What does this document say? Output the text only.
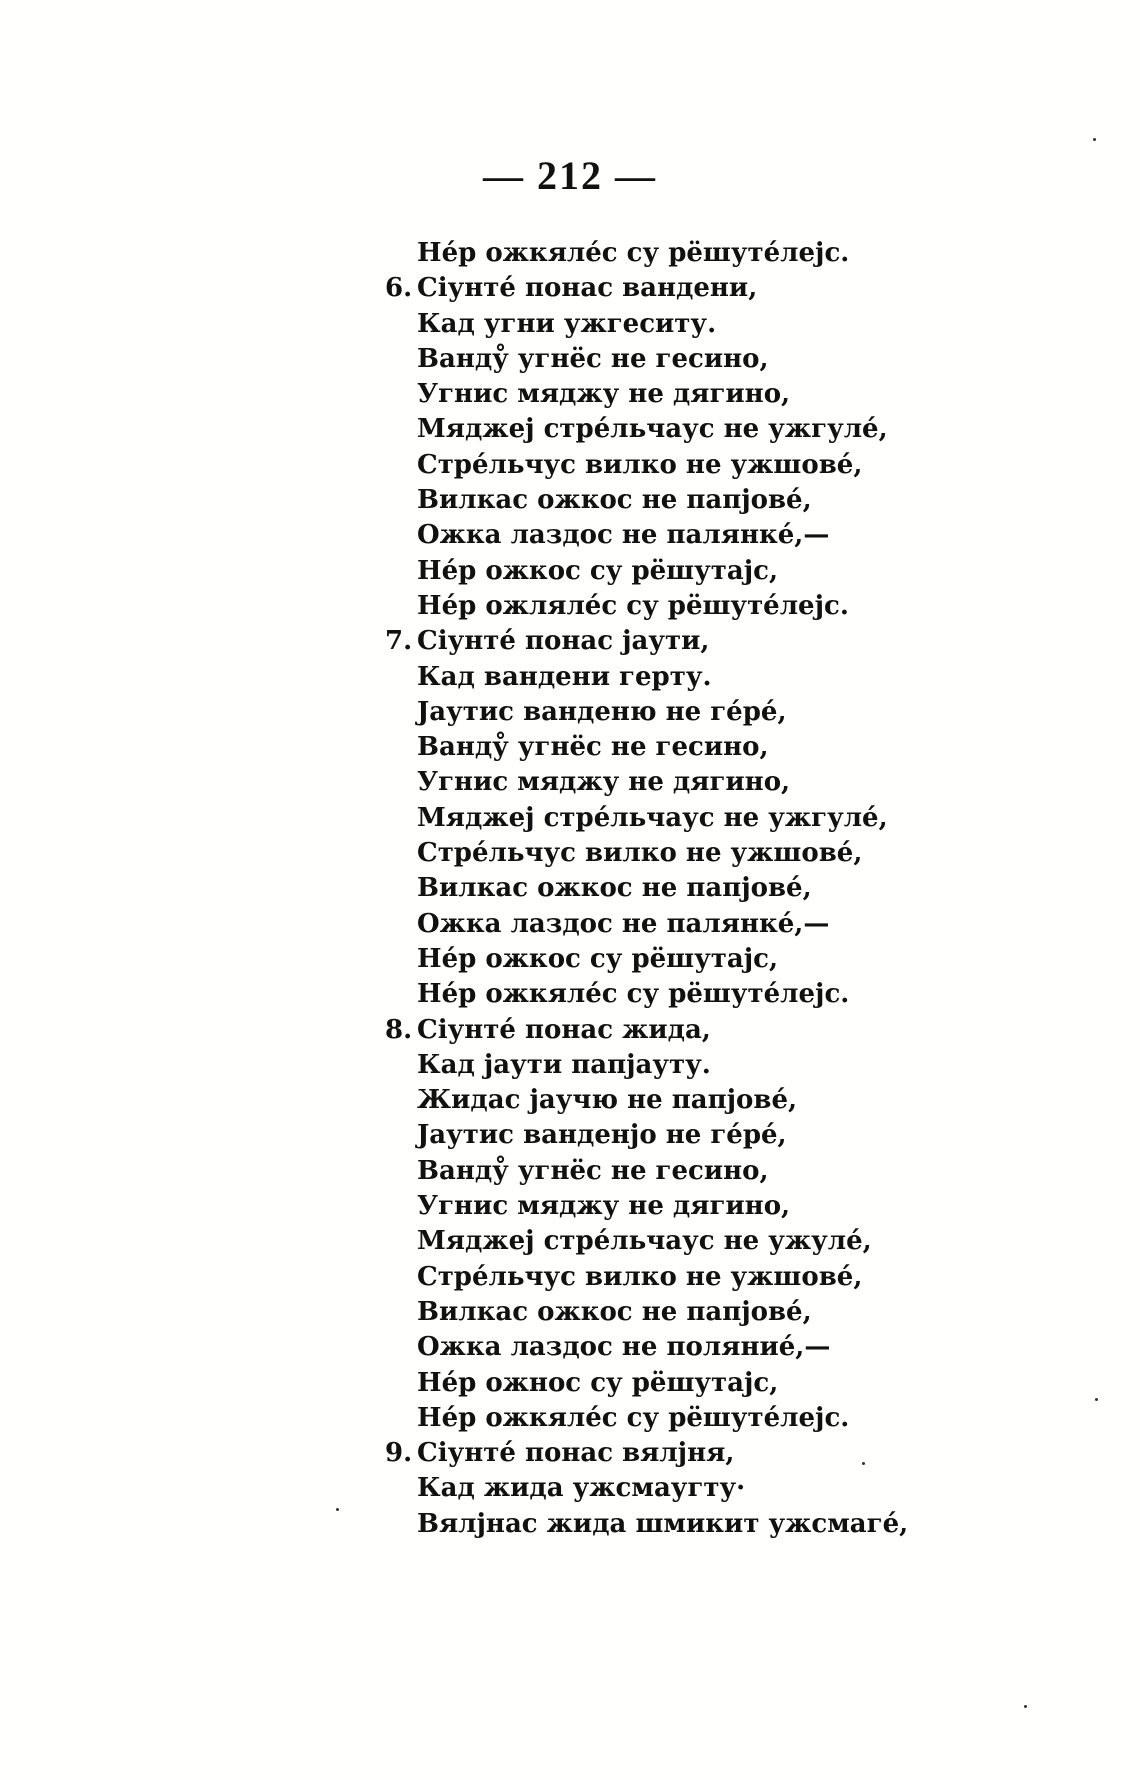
— 212 —
Не́р ожкяле́с су рёшуте́лејс.
6. Сіунте́ понас вандени,
Кад угни ужгеситу.
Ванду̊ угнёс не гесино,
Угнис мяджу не дягино,
Мяджеј стре́льчаус не ужгуле́,
Стре́льчус вилко не ужшове́,
Вилкас ожкос не папјове́,
Ожка лаздос не палянке́,—
Не́р ожкос су рёшутајс,
Не́р ожляле́с су рёшуте́лејс.
7. Сіунте́ понас јаути,
Кад вандени герту.
Јаутис ванденю не ге́ре́,
Ванду̊ угнёс не гесино,
Угнис мяджу не дягино,
Мяджеј стре́льчаус не ужгуле́,
Стре́льчус вилко не ужшове́,
Вилкас ожкос не папјове́,
Ожка лаздос не палянке́,—
Не́р ожкос су рёшутајс,
Не́р ожкяле́с су рёшуте́лејс.
8. Сіунте́ понас жида,
Кад јаути папјауту.
Жидас јаучю не папјове́,
Јаутис ванденјо не ге́ре́,
Ванду̊ угнёс не гесино,
Угнис мяджу не дягино,
Мяджеј стре́льчаус не ужуле́,
Стре́льчус вилко не ужшове́,
Вилкас ожкос не папјове́,
Ожка лаздос не поляние́,—
Не́р ожнос су рёшутајс,
Не́р ожкяле́с су рёшуте́лејс.
9. Сіунте́ понас вялјня,
Кад жида ужсмаугту·
Вялјнас жида шмикит ужсмаге́,
